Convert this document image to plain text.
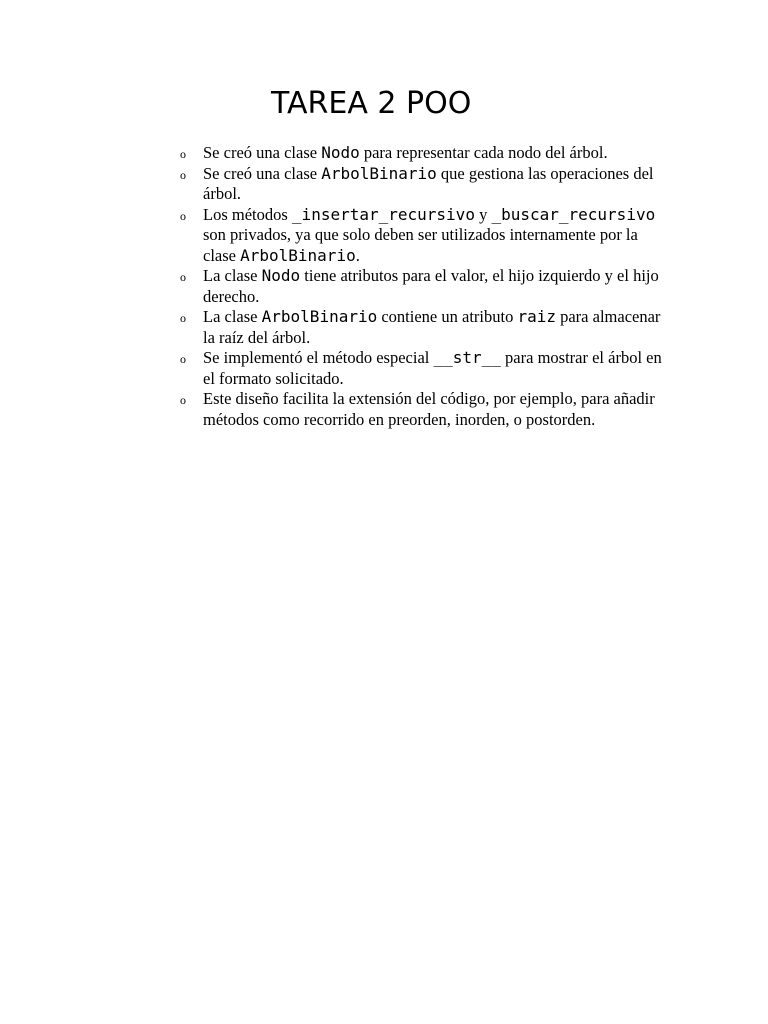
TAREA 2 POO
o Se creó una clase Nodo para representar cada nodo del árbol.
o Se creó una clase ArbolBinario que gestiona las operaciones del árbol.
o Los métodos _insertar_recursivo y _buscar_recursivo son privados, ya que solo deben ser utilizados internamente por la clase ArbolBinario.
o La clase Nodo tiene atributos para el valor, el hijo izquierdo y el hijo derecho.
o La clase ArbolBinario contiene un atributo raiz para almacenar la raíz del árbol.
o Se implementó el método especial __str__ para mostrar el árbol en el formato solicitado.
o Este diseño facilita la extensión del código, por ejemplo, para añadir métodos como recorrido en preorden, inorden, o postorden.
